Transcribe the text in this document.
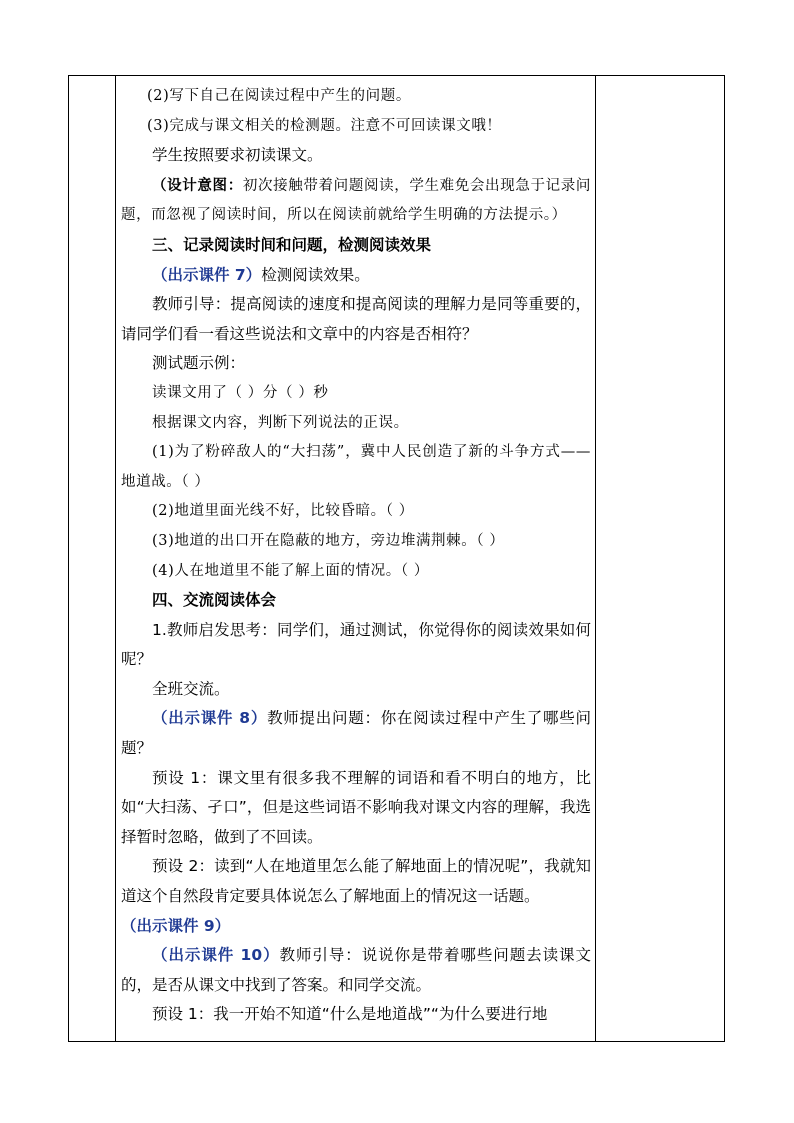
(2)写下自己在阅读过程中产生的问题。

(3)完成与课文相关的检测题。注意不可回读课文哦！

学生按照要求初读课文。

（设计意图：初次接触带着问题阅读，学生难免会出现急于记录问题，而忽视了阅读时间，所以在阅读前就给学生明确的方法提示。）

三、记录阅读时间和问题，检测阅读效果

（出示课件 7）检测阅读效果。

教师引导：提高阅读的速度和提高阅读的理解力是同等重要的，请同学们看一看这些说法和文章中的内容是否相符？

测试题示例：

读课文用了（ ）分（ ）秒

根据课文内容，判断下列说法的正误。

(1)为了粉碎敌人的“大扫荡”，冀中人民创造了新的斗争方式——地道战。（ ）

(2)地道里面光线不好，比较昏暗。（ ）

(3)地道的出口开在隐蔽的地方，旁边堆满荆棘。（ ）

(4)人在地道里不能了解上面的情况。（ ）

四、交流阅读体会

1.教师启发思考：同学们，通过测试，你觉得你的阅读效果如何呢？

全班交流。

（出示课件 8）教师提出问题：你在阅读过程中产生了哪些问题？

预设 1：课文里有很多我不理解的词语和看不明白的地方，比如“大扫荡、孑口”，但是这些词语不影响我对课文内容的理解，我选择暂时忽略，做到了不回读。

预设 2：读到“人在地道里怎么能了解地面上的情况呢”，我就知道这个自然段肯定要具体说怎么了解地面上的情况这一话题。

（出示课件 9）

（出示课件 10）教师引导：说说你是带着哪些问题去读课文的，是否从课文中找到了答案。和同学交流。

预设 1：我一开始不知道“什么是地道战”“为什么要进行地
